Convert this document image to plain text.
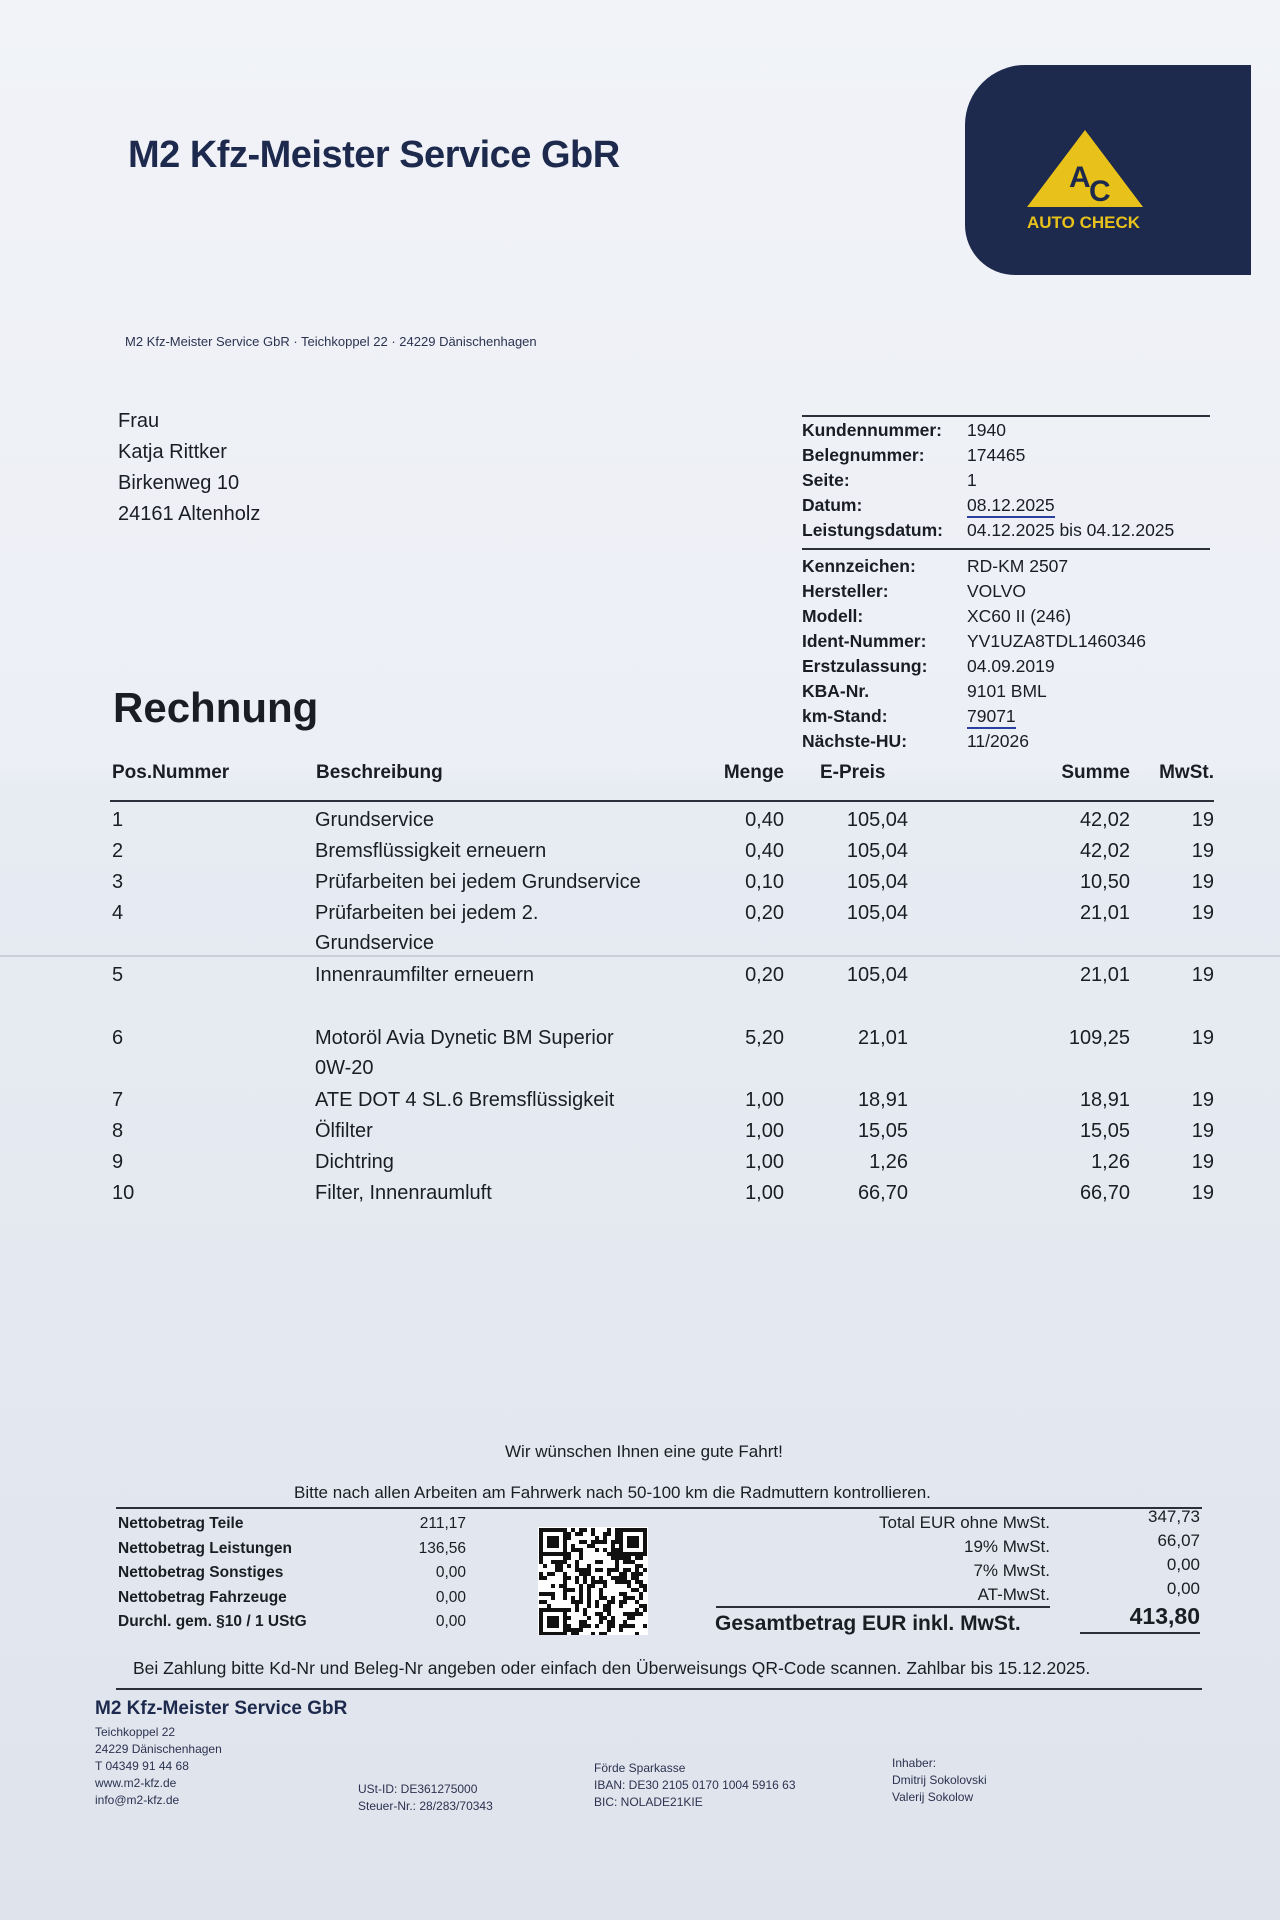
M2 Kfz-Meister Service GbR
A
C
AUTO CHECK
M2 Kfz-Meister Service GbR · Teichkoppel 22 · 24229 Dänischenhagen
Frau
Katja Rittker
Birkenweg 10
24161 Altenholz
Kundennummer:	1940
Belegnummer:	174465
Seite:	1
Datum:	08.12.2025
Leistungsdatum:	04.12.2025 bis 04.12.2025
Kennzeichen:	RD-KM 2507
Hersteller:	VOLVO
Modell:	XC60 II (246)
Ident-Nummer:	YV1UZA8TDL1460346
Erstzulassung:	04.09.2019
KBA-Nr.	9101 BML
km-Stand:	79071
Nächste-HU:	11/2026
Rechnung
Pos.Nummer	Beschreibung	Menge E-Preis	Summe	MwSt.
1	Grundservice	0,40	105,04	42,02	19
2	Bremsflüssigkeit erneuern	0,40	105,04	42,02	19
3	Prüfarbeiten bei jedem Grundservice	0,10	105,04	10,50	19
4	Prüfarbeiten bei jedem 2.	0,20	105,04	21,01	19
Grundservice
5	Innenraumfilter erneuern	0,20	105,04	21,01	19
6	Motoröl Avia Dynetic BM Superior	5,20	21,01	109,25	19
0W-20
7	ATE DOT 4 SL.6 Bremsflüssigkeit	1,00	18,91	18,91	19
8	Ölfilter	1,00	15,05	15,05	19
9	Dichtring	1,00	1,26	1,26	19
10	Filter, Innenraumluft	1,00	66,70	66,70	19
Wir wünschen Ihnen eine gute Fahrt!
Bitte nach allen Arbeiten am Fahrwerk nach 50-100 km die Radmuttern kontrollieren.
Nettobetrag Teile	211,17
Nettobetrag Leistungen	136,56
Nettobetrag Sonstiges	0,00
Nettobetrag Fahrzeuge	0,00
Durchl. gem. §10 / 1 UStG	0,00
Total EUR ohne MwSt.	347,73
19% MwSt.	66,07
7% MwSt.	0,00
AT-MwSt.	0,00
Gesamtbetrag EUR inkl. MwSt.	413,80
Bei Zahlung bitte Kd-Nr und Beleg-Nr angeben oder einfach den Überweisungs QR-Code scannen. Zahlbar bis 15.12.2025.
M2 Kfz-Meister Service GbR
Teichkoppel 22
24229 Dänischenhagen
T 04349 91 44 68
www.m2-kfz.de
info@m2-kfz.de
USt-ID: DE361275000
Steuer-Nr.: 28/283/70343
Förde Sparkasse
IBAN: DE30 2105 0170 1004 5916 63
BIC: NOLADE21KIE
Inhaber:
Dmitrij Sokolovski
Valerij Sokolow
